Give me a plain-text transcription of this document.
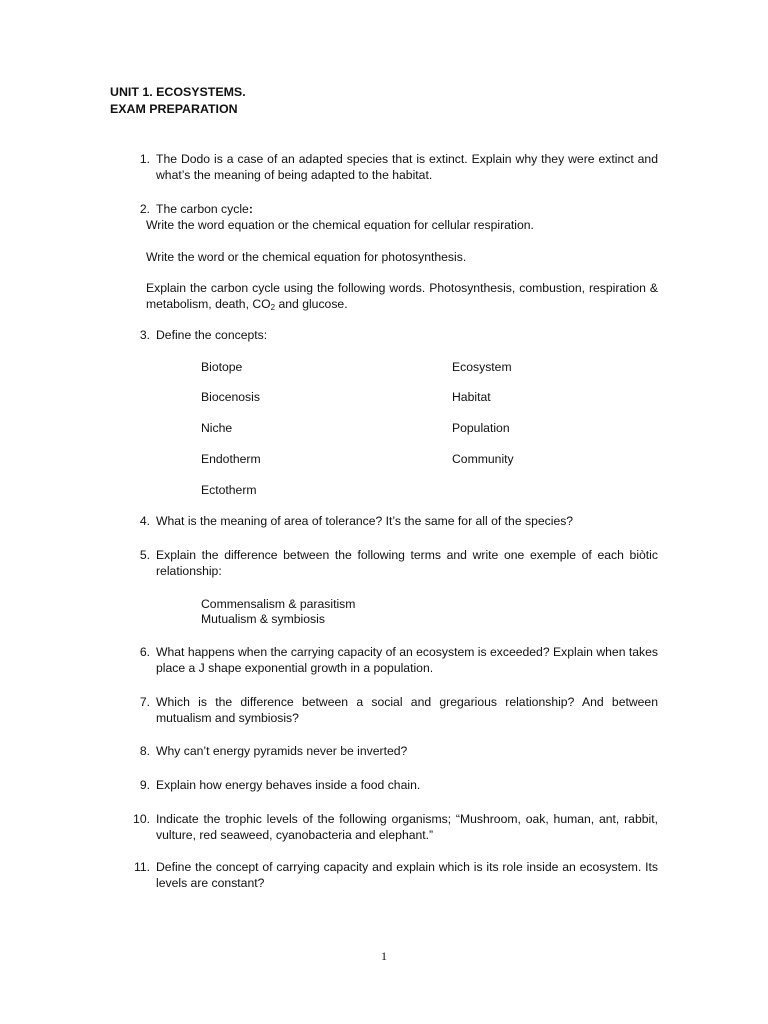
UNIT 1. ECOSYSTEMS.
EXAM PREPARATION
1. The Dodo is a case of an adapted species that is extinct. Explain why they were extinct and what’s the meaning of being adapted to the habitat.
2. The carbon cycle:
Write the word equation or the chemical equation for cellular respiration.
Write the word or the chemical equation for photosynthesis.
Explain the carbon cycle using the following words. Photosynthesis, combustion, respiration & metabolism, death, $CO_2$ and glucose.
3. Define the concepts:
Biotope
Biocenosis
Niche
Endotherm
Ectotherm
Ecosystem
Habitat
Population
Community
4. What is the meaning of area of tolerance? It’s the same for all of the species?
5. Explain the difference between the following terms and write one exemple of each biòtic relationship:
Commensalism & parasitism
Mutualism & symbiosis
6. What happens when the carrying capacity of an ecosystem is exceeded? Explain when takes place a J shape exponential growth in a population.
7. Which is the difference between a social and gregarious relationship? And between mutualism and symbiosis?
8. Why can’t energy pyramids never be inverted?
9. Explain how energy behaves inside a food chain.
10. Indicate the trophic levels of the following organisms; “Mushroom, oak, human, ant, rabbit, vulture, red seaweed, cyanobacteria and elephant.”
11. Define the concept of carrying capacity and explain which is its role inside an ecosystem. Its levels are constant?
1
